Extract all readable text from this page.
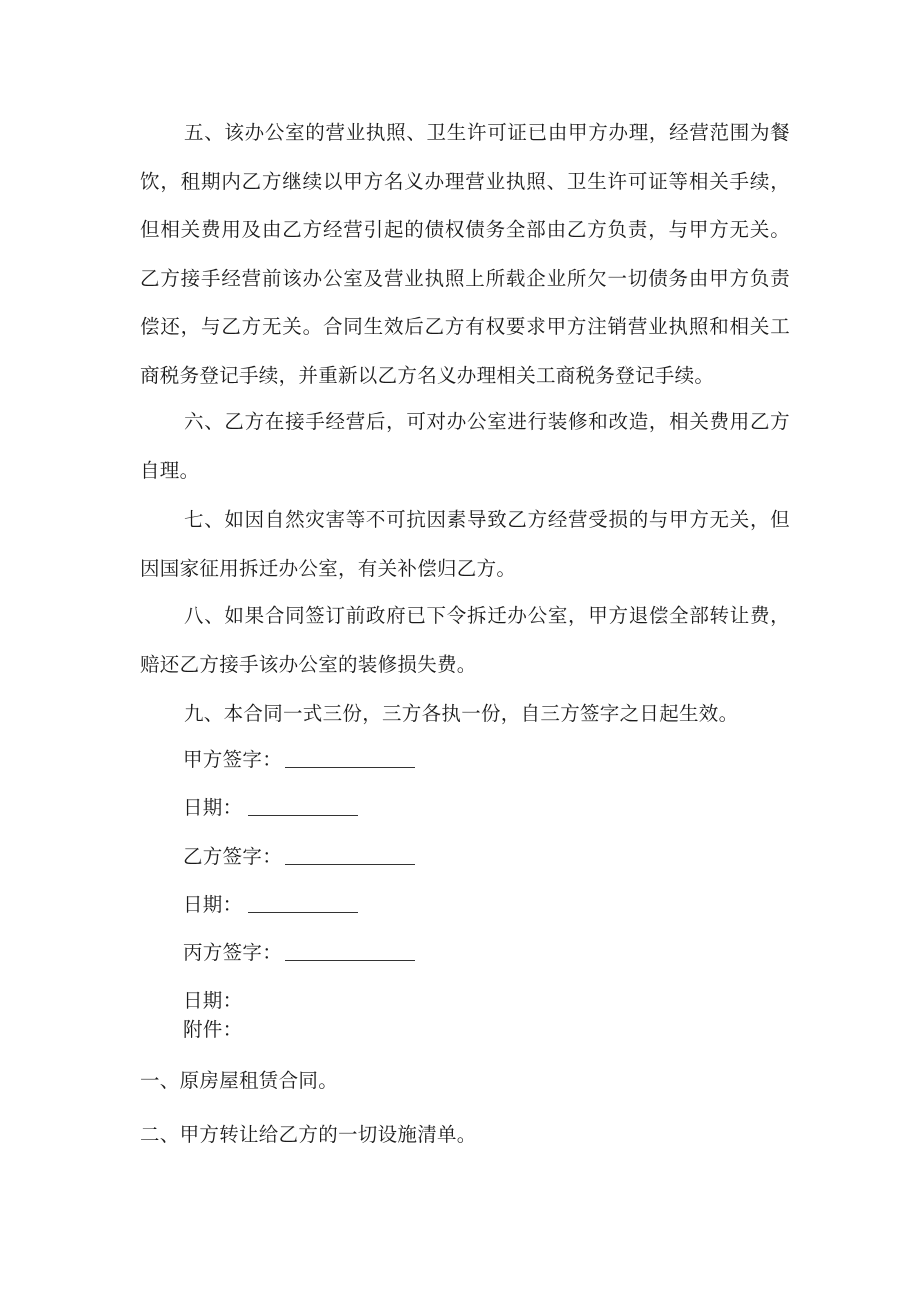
五、该办公室的营业执照、卫生许可证已由甲方办理，经营范围为餐饮，租期内乙方继续以甲方名义办理营业执照、卫生许可证等相关手续，但相关费用及由乙方经营引起的债权债务全部由乙方负责，与甲方无关。乙方接手经营前该办公室及营业执照上所载企业所欠一切债务由甲方负责偿还，与乙方无关。合同生效后乙方有权要求甲方注销营业执照和相关工商税务登记手续，并重新以乙方名义办理相关工商税务登记手续。

六、乙方在接手经营后，可对办公室进行装修和改造，相关费用乙方自理。

七、如因自然灾害等不可抗因素导致乙方经营受损的与甲方无关，但因国家征用拆迁办公室，有关补偿归乙方。

八、如果合同签订前政府已下令拆迁办公室，甲方退偿全部转让费，赔还乙方接手该办公室的装修损失费。

九、本合同一式三份，三方各执一份，自三方签字之日起生效。

甲方签字：
日期：
乙方签字：
日期：
丙方签字：

日期：

附件：

一、原房屋租赁合同。

二、甲方转让给乙方的一切设施清单。
